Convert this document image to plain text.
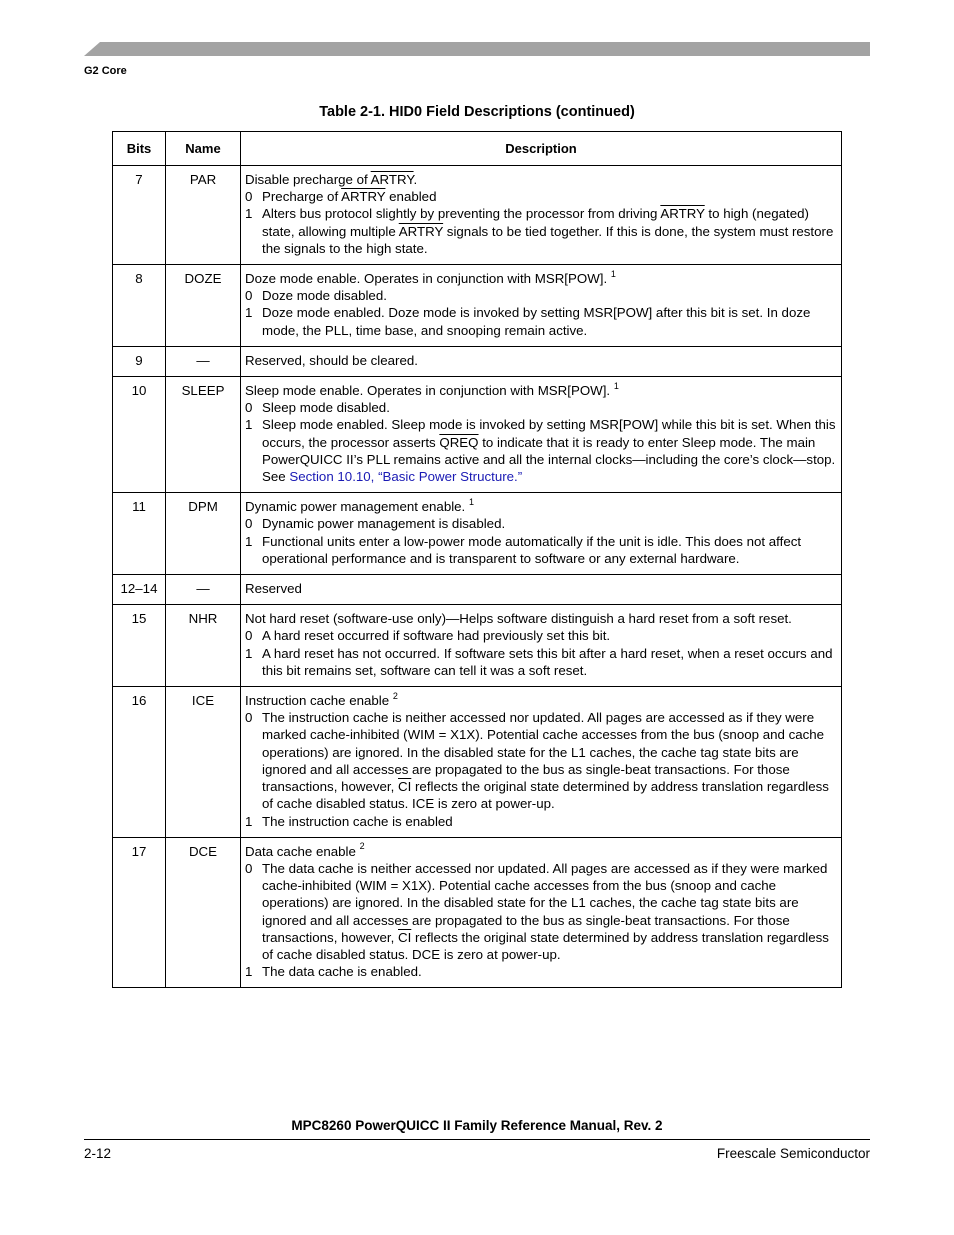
G2 Core
Table 2-1. HID0 Field Descriptions (continued)
Bits	Name	Description
7	PAR	Disable precharge of ARTRY.
0 Precharge of ARTRY enabled
1 Alters bus protocol slightly by preventing the processor from driving ARTRY to high (negated) state, allowing multiple ARTRY signals to be tied together. If this is done, the system must restore the signals to the high state.

8	DOZE	Doze mode enable. Operates in conjunction with MSR[POW]. $^1$
0 Doze mode disabled.
1 Doze mode enabled. Doze mode is invoked by setting MSR[POW] after this bit is set. In doze mode, the PLL, time base, and snooping remain active.

9	—	Reserved, should be cleared.

10	SLEEP	Sleep mode enable. Operates in conjunction with MSR[POW]. $^1$
0 Sleep mode disabled.
1 Sleep mode enabled. Sleep mode is invoked by setting MSR[POW] while this bit is set. When this occurs, the processor asserts QREQ to indicate that it is ready to enter Sleep mode. The main PowerQUICC II’s PLL remains active and all the internal clocks—including the core’s clock—stop. See Section 10.10, “Basic Power Structure.”

11	DPM	Dynamic power management enable. $^1$
0 Dynamic power management is disabled.
1 Functional units enter a low-power mode automatically if the unit is idle. This does not affect operational performance and is transparent to software or any external hardware.

12–14	—	Reserved

15	NHR	Not hard reset (software-use only)—Helps software distinguish a hard reset from a soft reset.
0 A hard reset occurred if software had previously set this bit.
1 A hard reset has not occurred. If software sets this bit after a hard reset, when a reset occurs and this bit remains set, software can tell it was a soft reset.

16	ICE	Instruction cache enable $^2$
0 The instruction cache is neither accessed nor updated. All pages are accessed as if they were marked cache-inhibited (WIM = X1X). Potential cache accesses from the bus (snoop and cache operations) are ignored. In the disabled state for the L1 caches, the cache tag state bits are ignored and all accesses are propagated to the bus as single-beat transactions. For those transactions, however, $\overline{CI}$ reflects the original state determined by address translation regardless of cache disabled status. ICE is zero at power-up.
1 The instruction cache is enabled

17	DCE	Data cache enable $^2$
0 The data cache is neither accessed nor updated. All pages are accessed as if they were marked cache-inhibited (WIM = X1X). Potential cache accesses from the bus (snoop and cache operations) are ignored. In the disabled state for the L1 caches, the cache tag state bits are ignored and all accesses are propagated to the bus as single-beat transactions. For those transactions, however, $\overline{CI}$ reflects the original state determined by address translation regardless of cache disabled status. DCE is zero at power-up.
1 The data cache is enabled.
MPC8260 PowerQUICC II Family Reference Manual, Rev. 2
2-12	Freescale Semiconductor
